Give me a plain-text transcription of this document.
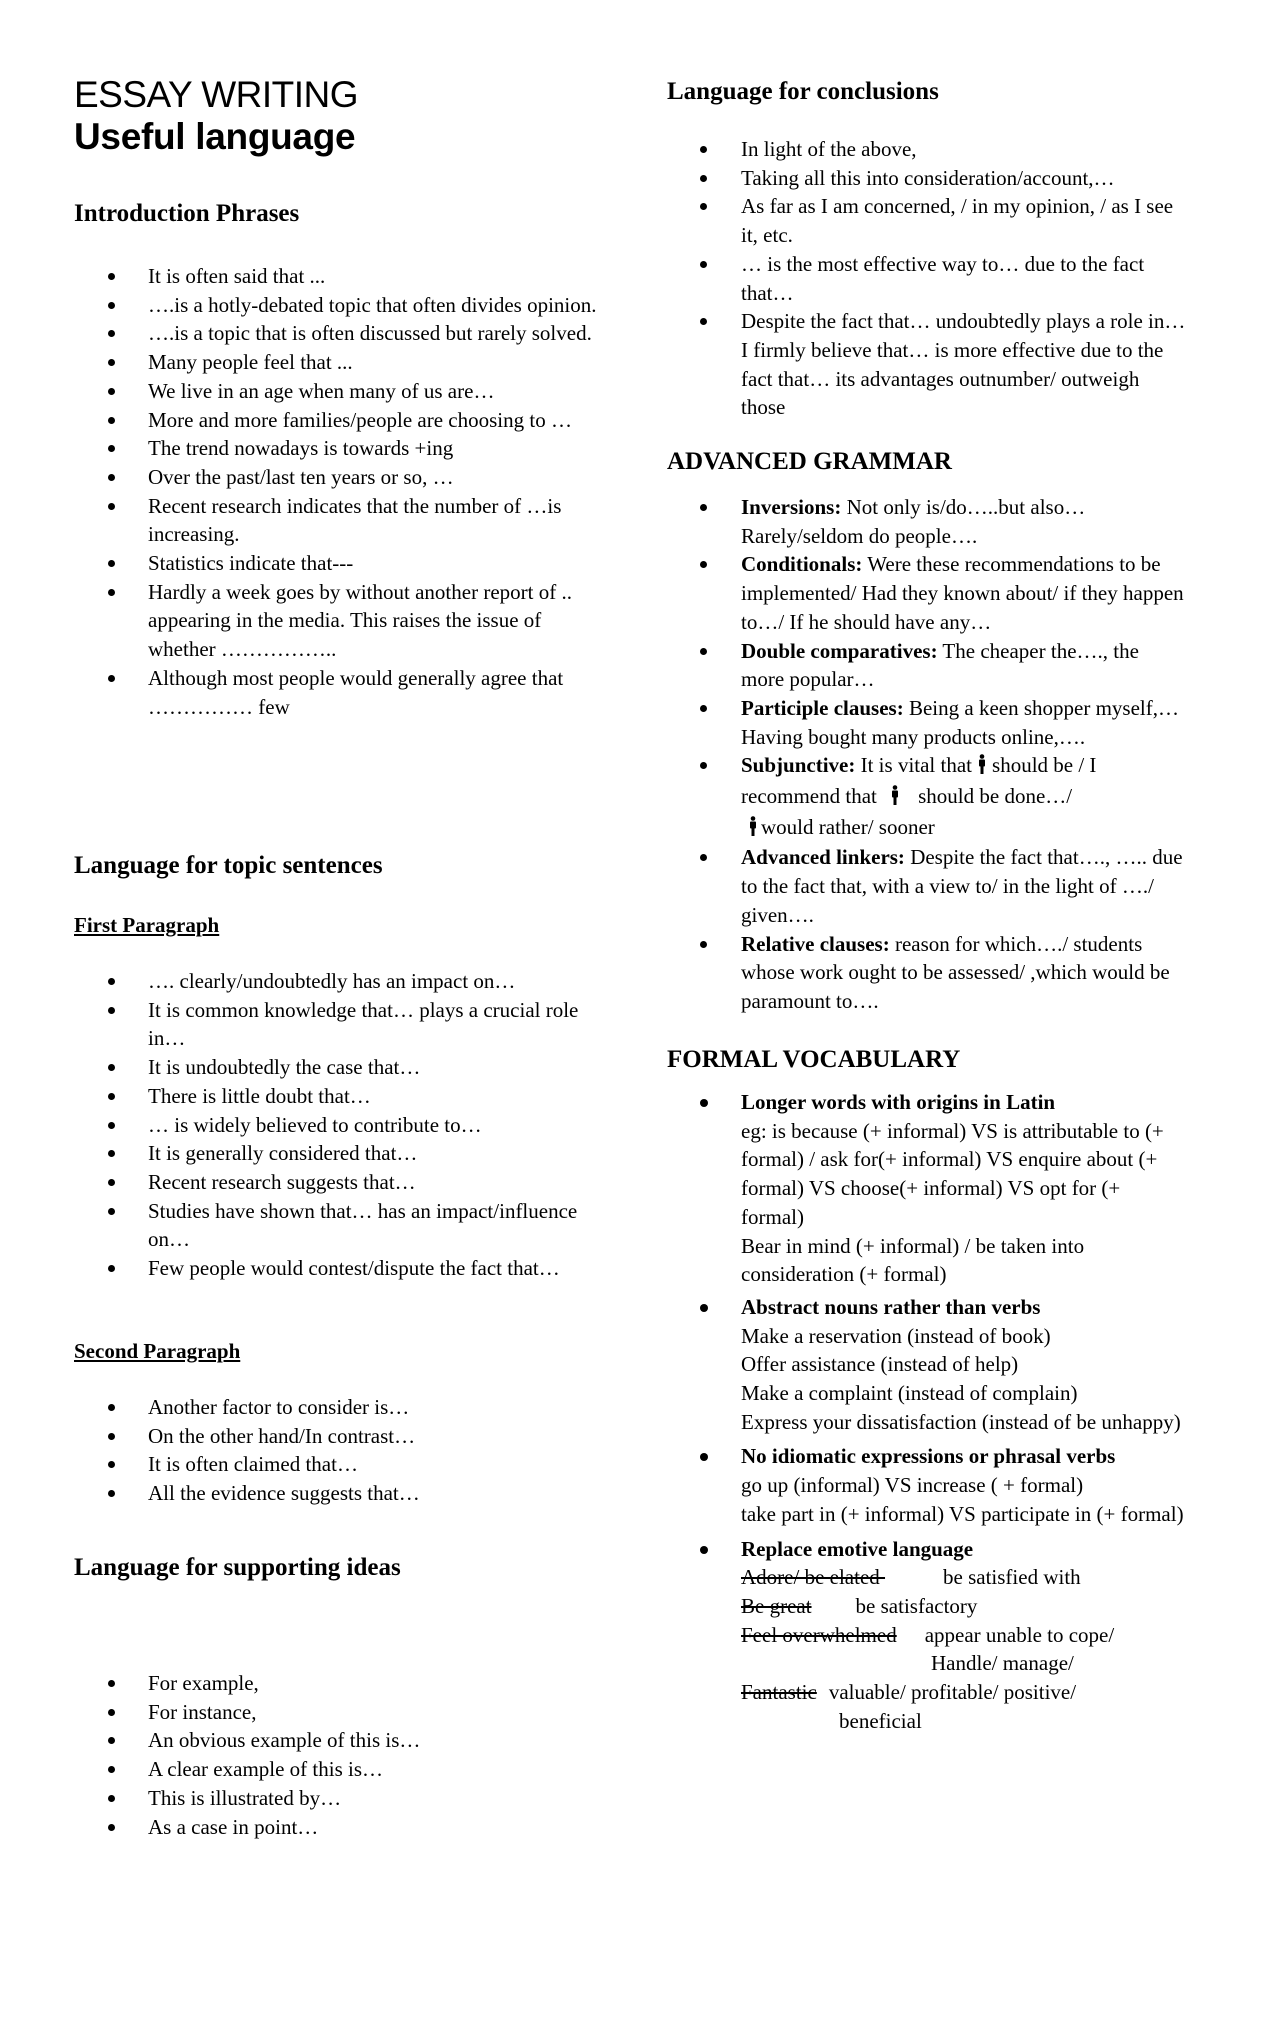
ESSAY WRITING
Useful language
Introduction Phrases
It is often said that ...
….is a hotly-debated topic that often divides opinion.
….is a topic that is often discussed but rarely solved.
Many people feel that ...
We live in an age when many of us are…
More and more families/people are choosing to …
The trend nowadays is towards +ing
Over the past/last ten years or so, …
Recent research indicates that the number of …is increasing.
Statistics indicate that---
Hardly a week goes by without another report of .. appearing in the media. This raises the issue of whether ……………..
Although most people would generally agree that …………… few
Language for topic sentences
First Paragraph
…. clearly/undoubtedly has an impact on…
It is common knowledge that… plays a crucial role in…
It is undoubtedly the case that…
There is little doubt that…
… is widely believed to contribute to…
It is generally considered that…
Recent research suggests that…
Studies have shown that… has an impact/influence on…
Few people would contest/dispute the fact that…
Second Paragraph
Another factor to consider is…
On the other hand/In contrast…
It is often claimed that…
All the evidence suggests that…
Language for supporting ideas
For example,
For instance,
An obvious example of this is…
A clear example of this is…
This is illustrated by…
As a case in point…
Language for conclusions
In light of the above,
Taking all this into consideration/account,…
As far as I am concerned, / in my opinion, / as I see it, etc.
… is the most effective way to… due to the fact that…
Despite the fact that… undoubtedly plays a role in… I firmly believe that… is more effective due to the fact that… its advantages outnumber/ outweigh those
ADVANCED GRAMMAR
Inversions: Not only is/do…..but also… Rarely/seldom do people….
Conditionals: Were these recommendations to be implemented/ Had they known about/ if they happen to…/ If he should have any…
Double comparatives: The cheaper the…., the more popular…
Participle clauses: Being a keen shopper myself,… Having bought many products online,….
Subjunctive: It is vital that should be / I recommend that should be done…/
would rather/ sooner
Advanced linkers: Despite the fact that…., ….. due to the fact that, with a view to/ in the light of …./ given….
Relative clauses: reason for which…./ students whose work ought to be assessed/ ,which would be paramount to….
FORMAL VOCABULARY
Longer words with origins in Latin
eg: is because (+ informal) VS is attributable to (+ formal) / ask for(+ informal) VS enquire about (+ formal) VS choose(+ informal) VS opt for (+ formal)
Bear in mind (+ informal) / be taken into consideration (+ formal)
Abstract nouns rather than verbs
Make a reservation (instead of book)
Offer assistance (instead of help)
Make a complaint (instead of complain)
Express your dissatisfaction (instead of be unhappy)
No idiomatic expressions or phrasal verbs
go up (informal) VS increase ( + formal)
take part in (+ informal) VS participate in (+ formal)
Replace emotive language
Adore/ be elated	be satisfied with
Be great be satisfactory
Feel overwhelmed appear unable to cope/
Handle/ manage/
Fantastic valuable/ profitable/ positive/
beneficial
